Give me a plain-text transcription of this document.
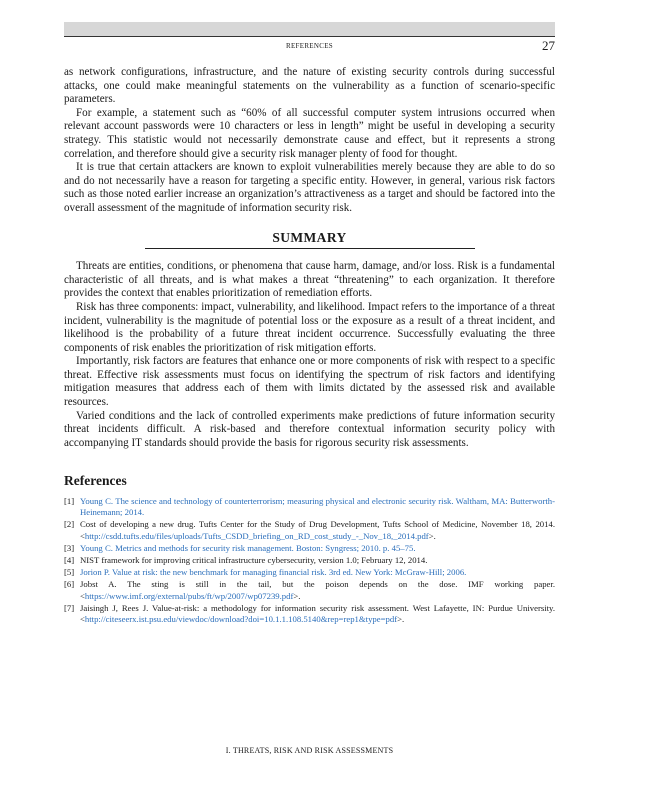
REFERENCES	27

as network configurations, infrastructure, and the nature of existing security controls during successful attacks, one could make meaningful statements on the vulnerability as a function of scenario-specific parameters.

For example, a statement such as “60% of all successful computer system intrusions occurred when relevant account passwords were 10 characters or less in length” might be useful in developing a security strategy. This statistic would not necessarily demonstrate cause and effect, but it represents a strong correlation, and therefore should give a security risk manager plenty of food for thought.

It is true that certain attackers are known to exploit vulnerabilities merely because they are able to do so and do not necessarily have a reason for targeting a specific entity. However, in general, various risk factors such as those noted earlier increase an organization’s attractiveness as a target and should be factored into the overall assessment of the magnitude of information security risk.

SUMMARY

Threats are entities, conditions, or phenomena that cause harm, damage, and/or loss. Risk is a fundamental characteristic of all threats, and is what makes a threat “threatening” to each organization. It therefore provides the context that enables prioritization of remediation efforts.

Risk has three components: impact, vulnerability, and likelihood. Impact refers to the importance of a threat incident, vulnerability is the magnitude of potential loss or the exposure as a result of a threat incident, and likelihood is the probability of a future threat incident occurrence. Successfully evaluating the three components of risk enables the prioritization of risk mitigation efforts.

Importantly, risk factors are features that enhance one or more components of risk with respect to a specific threat. Effective risk assessments must focus on identifying the spectrum of risk factors and identifying mitigation measures that address each of them with limits dictated by the assessed risk and available resources.

Varied conditions and the lack of controlled experiments make predictions of future information security threat incidents difficult. A risk-based and therefore contextual information security policy with accompanying IT standards should provide the basis for rigorous security risk assessments.

References
[1] Young C. The science and technology of counterterrorism; measuring physical and electronic security risk. Waltham, MA: Butterworth-Heinemann; 2014.
[2] Cost of developing a new drug. Tufts Center for the Study of Drug Development, Tufts School of Medicine, November 18, 2014. <http://csdd.tufts.edu/files/uploads/Tufts_CSDD_briefing_on_RD_cost_study_-_Nov_18,_2014.pdf>.
[3] Young C. Metrics and methods for security risk management. Boston: Syngress; 2010. p. 45–75.
[4] NIST framework for improving critical infrastructure cybersecurity, version 1.0; February 12, 2014.
[5] Jorion P. Value at risk: the new benchmark for managing financial risk. 3rd ed. New York: McGraw-Hill; 2006.
[6] Jobst A. The sting is still in the tail, but the poison depends on the dose. IMF working paper. <https://www.imf.org/external/pubs/ft/wp/2007/wp07239.pdf>.
[7] Jaisingh J, Rees J. Value-at-risk: a methodology for information security risk assessment. West Lafayette, IN: Purdue University. <http://citeseerx.ist.psu.edu/viewdoc/download?doi=10.1.1.108.5140&rep=rep1&type=pdf>.
I. THREATS, RISK AND RISK ASSESSMENTS
